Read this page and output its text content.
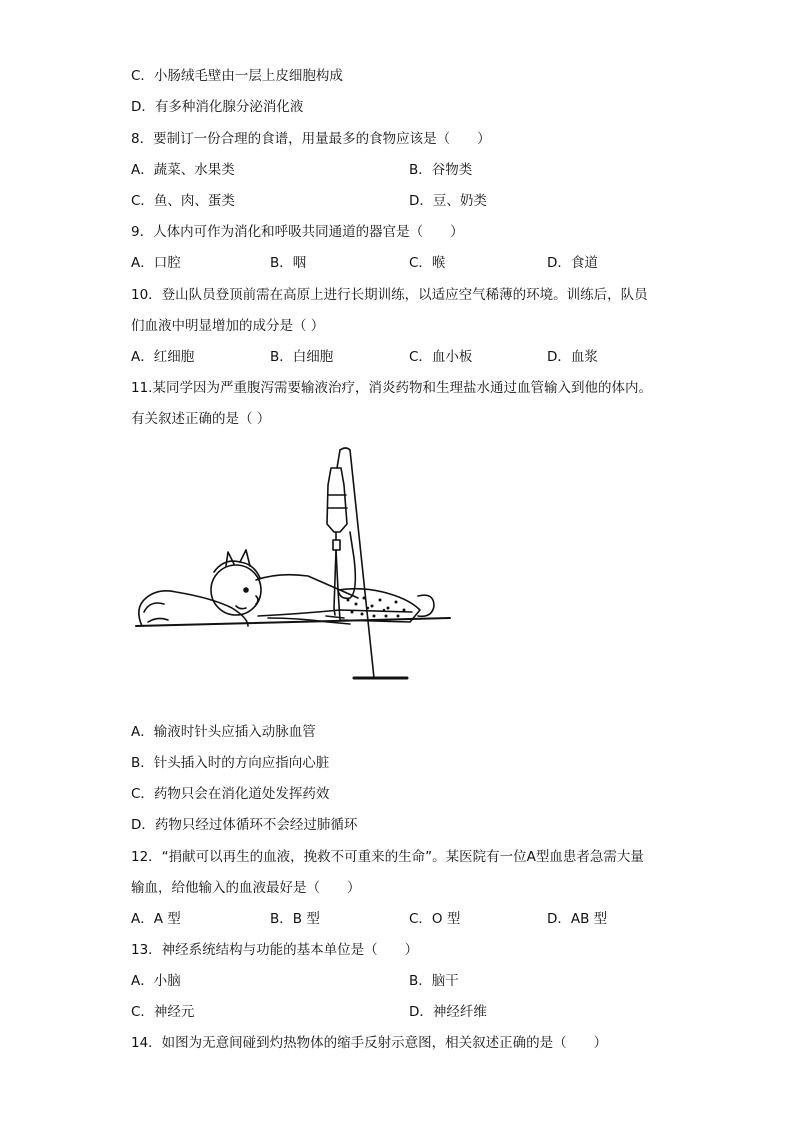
C．小肠绒毛壁由一层上皮细胞构成
D．有多种消化腺分泌消化液
8．要制订一份合理的食谱，用量最多的食物应该是（　　）
A．蔬菜、水果类	B．谷物类
C．鱼、肉、蛋类	D．豆、奶类
9．人体内可作为消化和呼吸共同通道的器官是（　　）
A．口腔	B．咽	C．喉	D．食道
10．登山队员登顶前需在高原上进行长期训练，以适应空气稀薄的环境。训练后，队员
们血液中明显增加的成分是（ ）
A．红细胞	B．白细胞	C．血小板	D．血浆
11.某同学因为严重腹泻需要输液治疗，消炎药物和生理盐水通过血管输入到他的体内。
有关叙述正确的是（ ）
A．输液时针头应插入动脉血管
B．针头插入时的方向应指向心脏
C．药物只会在消化道处发挥药效
D．药物只经过体循环不会经过肺循环
12．“捐献可以再生的血液，挽救不可重来的生命”。某医院有一位A型血患者急需大量
输血，给他输入的血液最好是（　　）
A．A 型	B．B 型	C．O 型	D．AB 型
13．神经系统结构与功能的基本单位是（　　）
A．小脑	B．脑干
C．神经元	D．神经纤维
14．如图为无意间碰到灼热物体的缩手反射示意图，相关叙述正确的是（　　）
